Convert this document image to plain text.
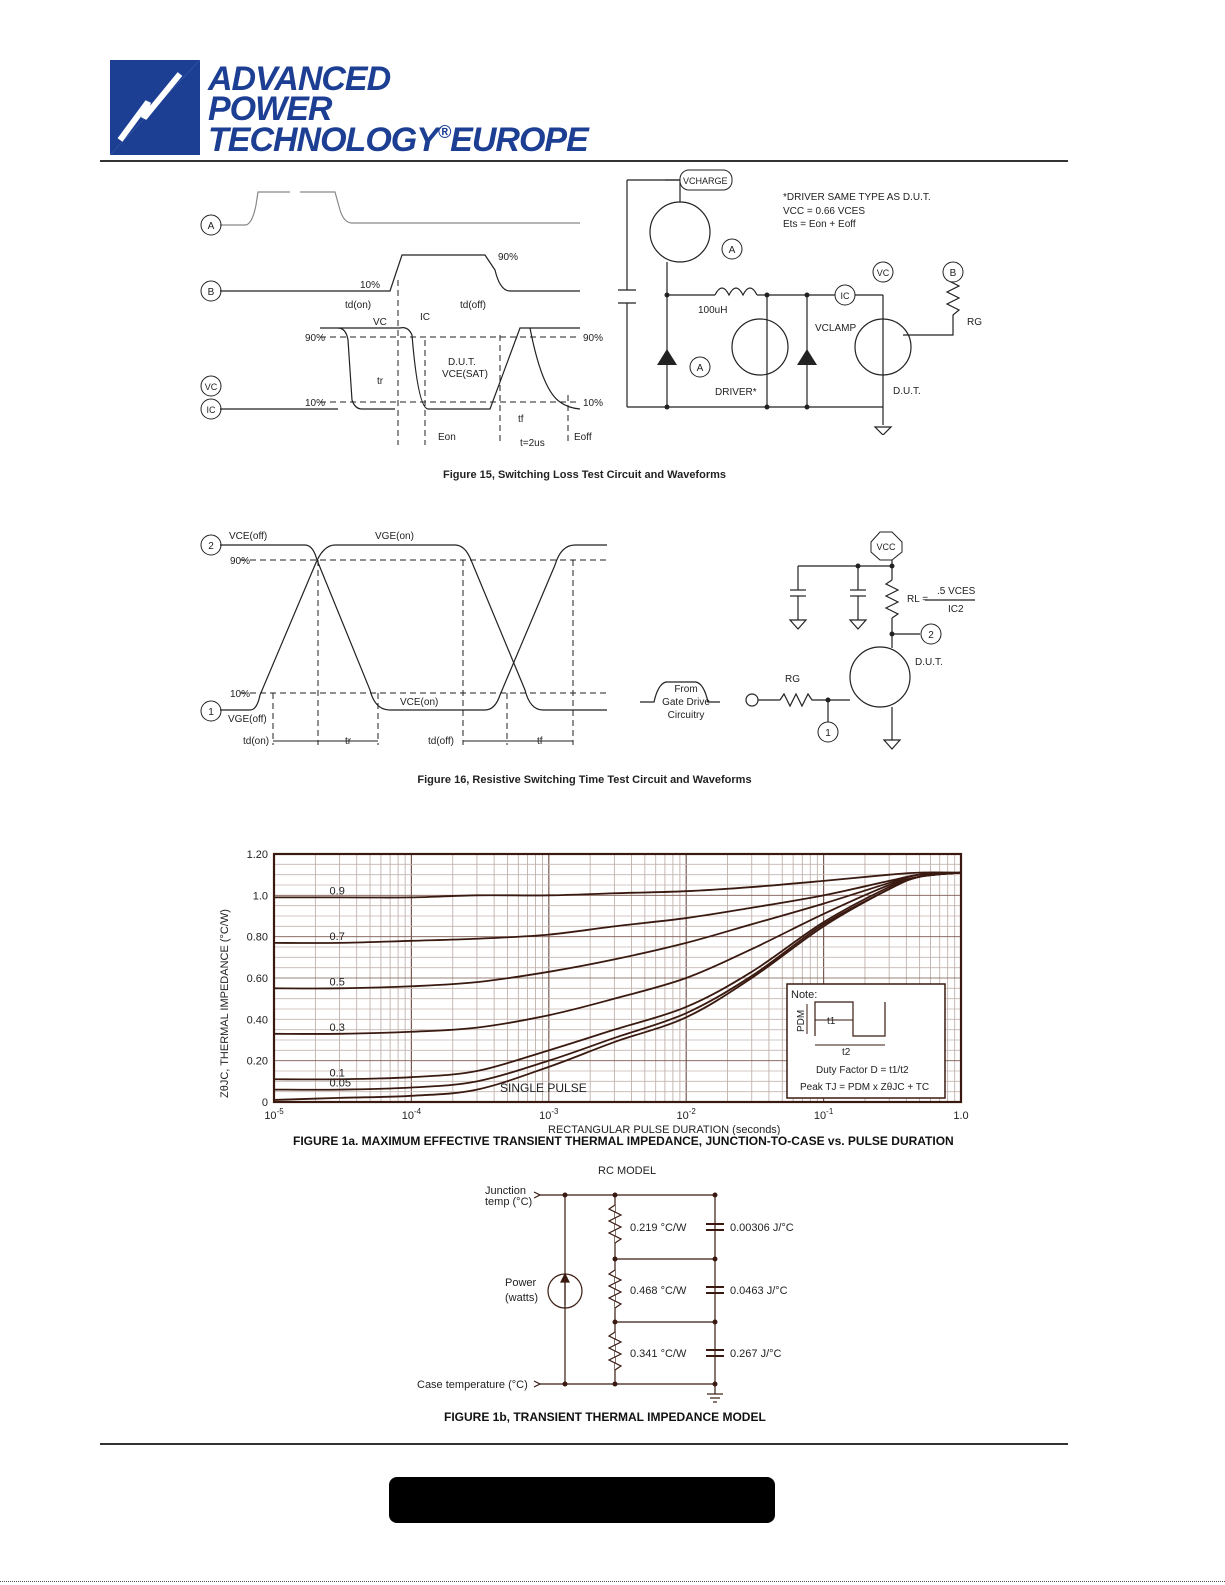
ADVANCED
POWER
TECHNOLOGY®EUROPE
A
B
VC
IC
90%
10%
90%
10%
90%
10%
td(on)	td(off)
VC	IC
D.U.T.
VCE(SAT)
tr
tf
Eon	Eoff
t=2us
VCHARGE
A
A
VC	B
IC
*DRIVER SAME TYPE AS D.U.T.
VCC = 0.66 VCES
Ets = Eon + Eoff
100uH
VCLAMP
DRIVER*	D.U.T.
RG
Figure 15, Switching Loss Test Circuit and Waveforms
2
1
VCE(off)	VGE(on)
VCE(on)
VGE(off)
90%
10%
td(on)	tr	td(off)	tf
VCC
RL =
.5 VCES
IC2
2
1
D.U.T.
RG
From
Gate Drive
Circuitry
Figure 16, Resistive Switching Time Test Circuit and Waveforms
$10^{-5}$	$10^{-4}$	$10^{-3}$	$10^{-2}$	$10^{-1}$	1.0
0
0.20
0.40
0.60
0.80
1.0
1.20
0.9
0.7
0.5
0.3
0.1
0.05
RECTANGULAR PULSE DURATION (seconds)
ZθJC, THERMAL IMPEDANCE (°C/W)	Note:
PDM t1
t2
Duty Factor D = t1/t2
Peak TJ = PDM x ZθJC + TC
SINGLE PULSE
FIGURE 1a. MAXIMUM EFFECTIVE TRANSIENT THERMAL IMPEDANCE, JUNCTION-TO-CASE vs. PULSE DURATION
RC MODEL
Junction
temp (°C)
Power
(watts)
Case temperature (°C)
0.219 °C/W
0.468 °C/W
0.341 °C/W
0.00306 J/°C
0.0463 J/°C
0.267 J/°C
FIGURE 1b, TRANSIENT THERMAL IMPEDANCE MODEL
